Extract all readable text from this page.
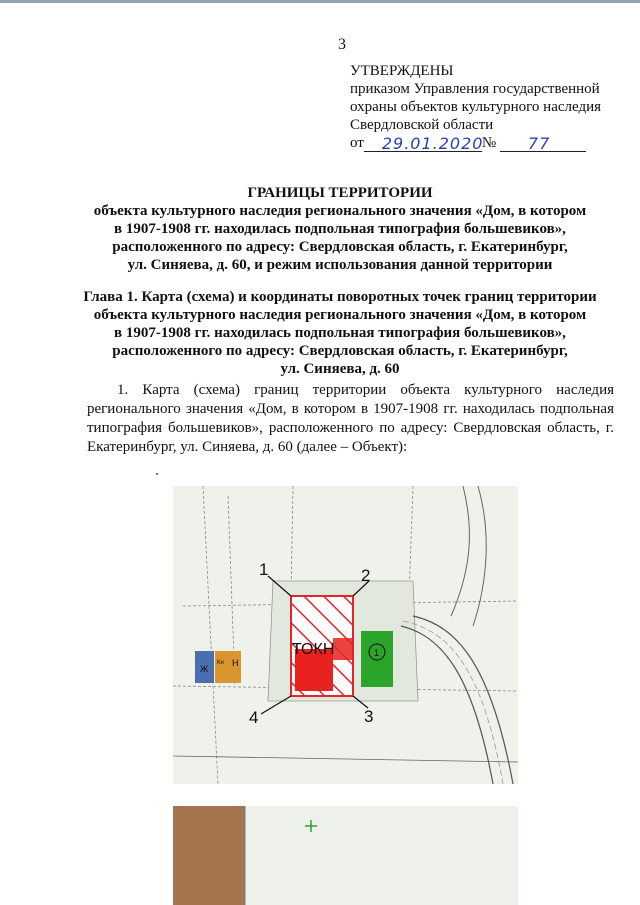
3
УТВЕРЖДЕНЫ
приказом Управления государственной
охраны объектов культурного наследия
Свердловской области
от 29.01.2020№ 77
ГРАНИЦЫ ТЕРРИТОРИИ
объекта культурного наследия регионального значения «Дом, в котором
в 1907-1908 гг. находилась подпольная типография большевиков»,
расположенного по адресу: Свердловская область, г. Екатеринбург,
ул. Синяева, д. 60, и режим использования данной территории
Глава 1. Карта (схема) и координаты поворотных точек границ территории
объекта культурного наследия регионального значения «Дом, в котором
в 1907-1908 гг. находилась подпольная типография большевиков»,
расположенного по адресу: Свердловская область, г. Екатеринбург,
ул. Синяева, д. 60
1. Карта (схема) границ территории объекта культурного наследия регионального значения «Дом, в котором в 1907-1908 гг. находилась подпольная типография большевиков», расположенного по адресу: Свердловская область, г. Екатеринбург, ул. Синяева, д. 60 (далее – Объект):
Ж
Кн Н
1
ТОКН
1	2
3
4
